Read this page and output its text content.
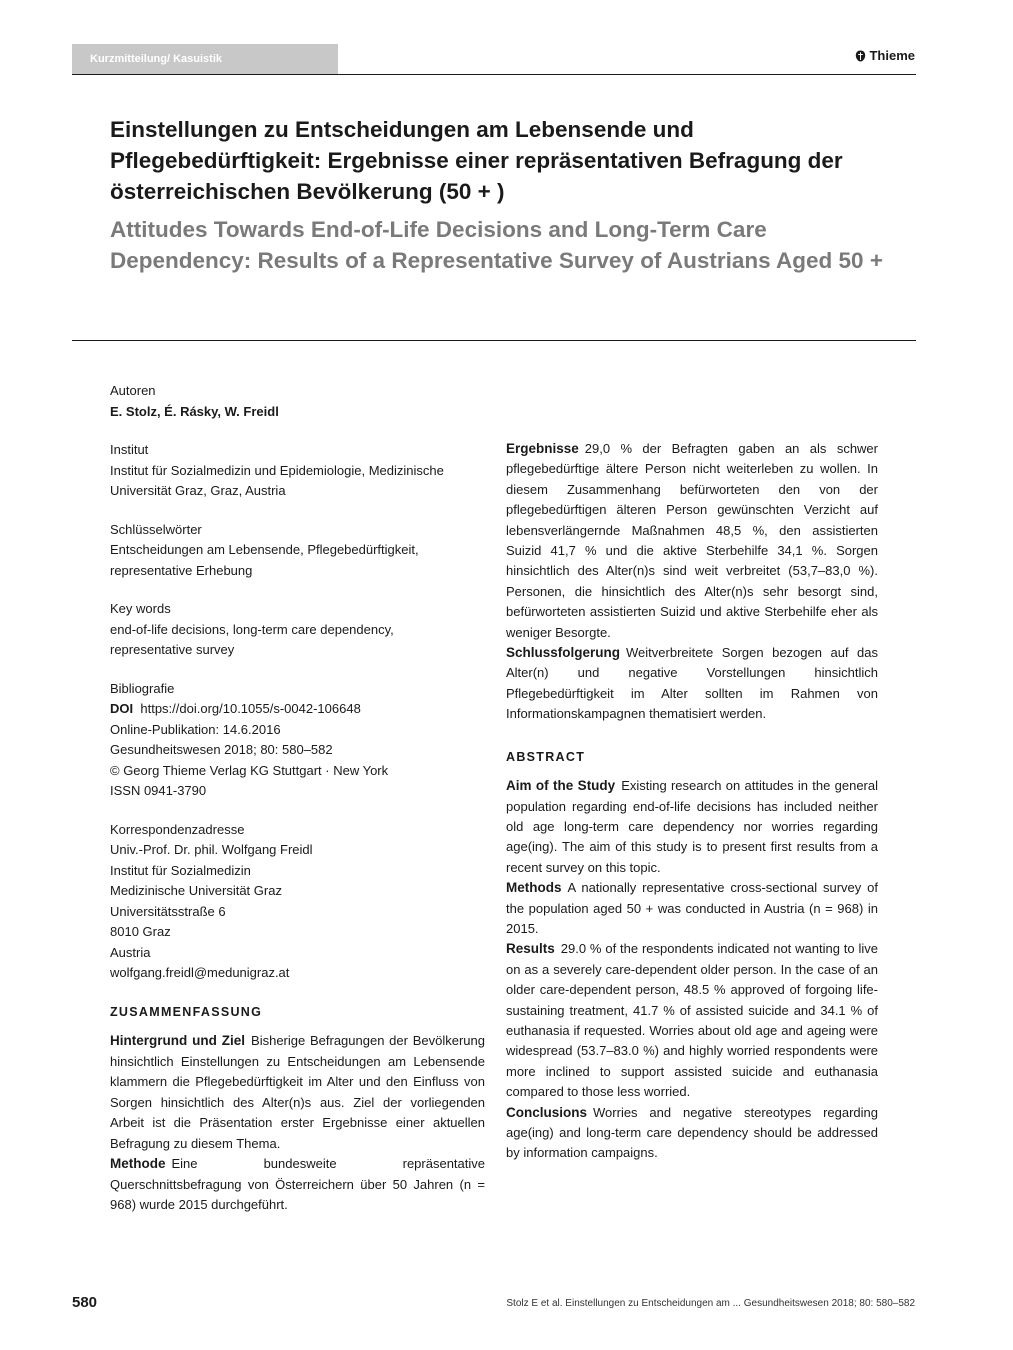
Kurzmitteilung/ Kasuistik	Thieme
Einstellungen zu Entscheidungen am Lebensende und Pflegebedürftigkeit: Ergebnisse einer repräsentativen Befragung der österreichischen Bevölkerung (50 + )
Attitudes Towards End-of-Life Decisions and Long-Term Care Dependency: Results of a Representative Survey of Austrians Aged 50 +
Autoren
E. Stolz, É. Rásky, W. Freidl
Institut
Institut für Sozialmedizin und Epidemiologie, Medizinische Universität Graz, Graz, Austria
Schlüsselwörter
Entscheidungen am Lebensende, Pflegebedürftigkeit, representative Erhebung
Key words
end-of-life decisions, long-term care dependency, representative survey
Bibliografie
DOI https://doi.org/10.1055/s-0042-106648
Online-Publikation: 14.6.2016
Gesundheitswesen 2018; 80: 580–582
© Georg Thieme Verlag KG Stuttgart · New York
ISSN 0941-3790
Korrespondenzadresse
Univ.-Prof. Dr. phil. Wolfgang Freidl
Institut für Sozialmedizin
Medizinische Universität Graz
Universitätsstraße 6
8010 Graz
Austria
wolfgang.freidl@medunigraz.at
ZUSAMMENFASSUNG

Hintergrund und Ziel Bisherige Befragungen der Bevölkerung hinsichtlich Einstellungen zu Entscheidungen am Lebensende klammern die Pflegebedürftigkeit im Alter und den Einfluss von Sorgen hinsichtlich des Alter(n)s aus. Ziel der vorliegenden Arbeit ist die Präsentation erster Ergebnisse einer aktuellen Befragung zu diesem Thema.

Methode Eine bundesweite repräsentative Querschnittsbefragung von Österreichern über 50 Jahren (n = 968) wurde 2015 durchgeführt.

Ergebnisse 29,0 % der Befragten gaben an als schwer pflegebedürftige ältere Person nicht weiterleben zu wollen. In diesem Zusammenhang befürworteten den von der pflegebedürftigen älteren Person gewünschten Verzicht auf lebensverlängernde Maßnahmen 48,5 %, den assistierten Suizid 41,7 % und die aktive Sterbehilfe 34,1 %. Sorgen hinsichtlich des Alter(n)s sind weit verbreitet (53,7–83,0 %). Personen, die hinsichtlich des Alter(n)s sehr besorgt sind, befürworteten assistierten Suizid und aktive Sterbehilfe eher als weniger Besorgte.

Schlussfolgerung Weitverbreitete Sorgen bezogen auf das Alter(n) und negative Vorstellungen hinsichtlich Pflegebedürftigkeit im Alter sollten im Rahmen von Informationskampagnen thematisiert werden.

ABSTRACT

Aim of the Study Existing research on attitudes in the general population regarding end-of-life decisions has included neither old age long-term care dependency nor worries regarding age(ing). The aim of this study is to present first results from a recent survey on this topic.

Methods A nationally representative cross-sectional survey of the population aged 50 + was conducted in Austria (n = 968) in 2015.

Results 29.0 % of the respondents indicated not wanting to live on as a severely care-dependent older person. In the case of an older care-dependent person, 48.5 % approved of forgoing life-sustaining treatment, 41.7 % of assisted suicide and 34.1 % of euthanasia if requested. Worries about old age and ageing were widespread (53.7–83.0 %) and highly worried respondents were more inclined to support assisted suicide and euthanasia compared to those less worried.

Conclusions Worries and negative stereotypes regarding age(ing) and long-term care dependency should be addressed by information campaigns.

580	Stolz E et al. Einstellungen zu Entscheidungen am ... Gesundheitswesen 2018; 80: 580–582
